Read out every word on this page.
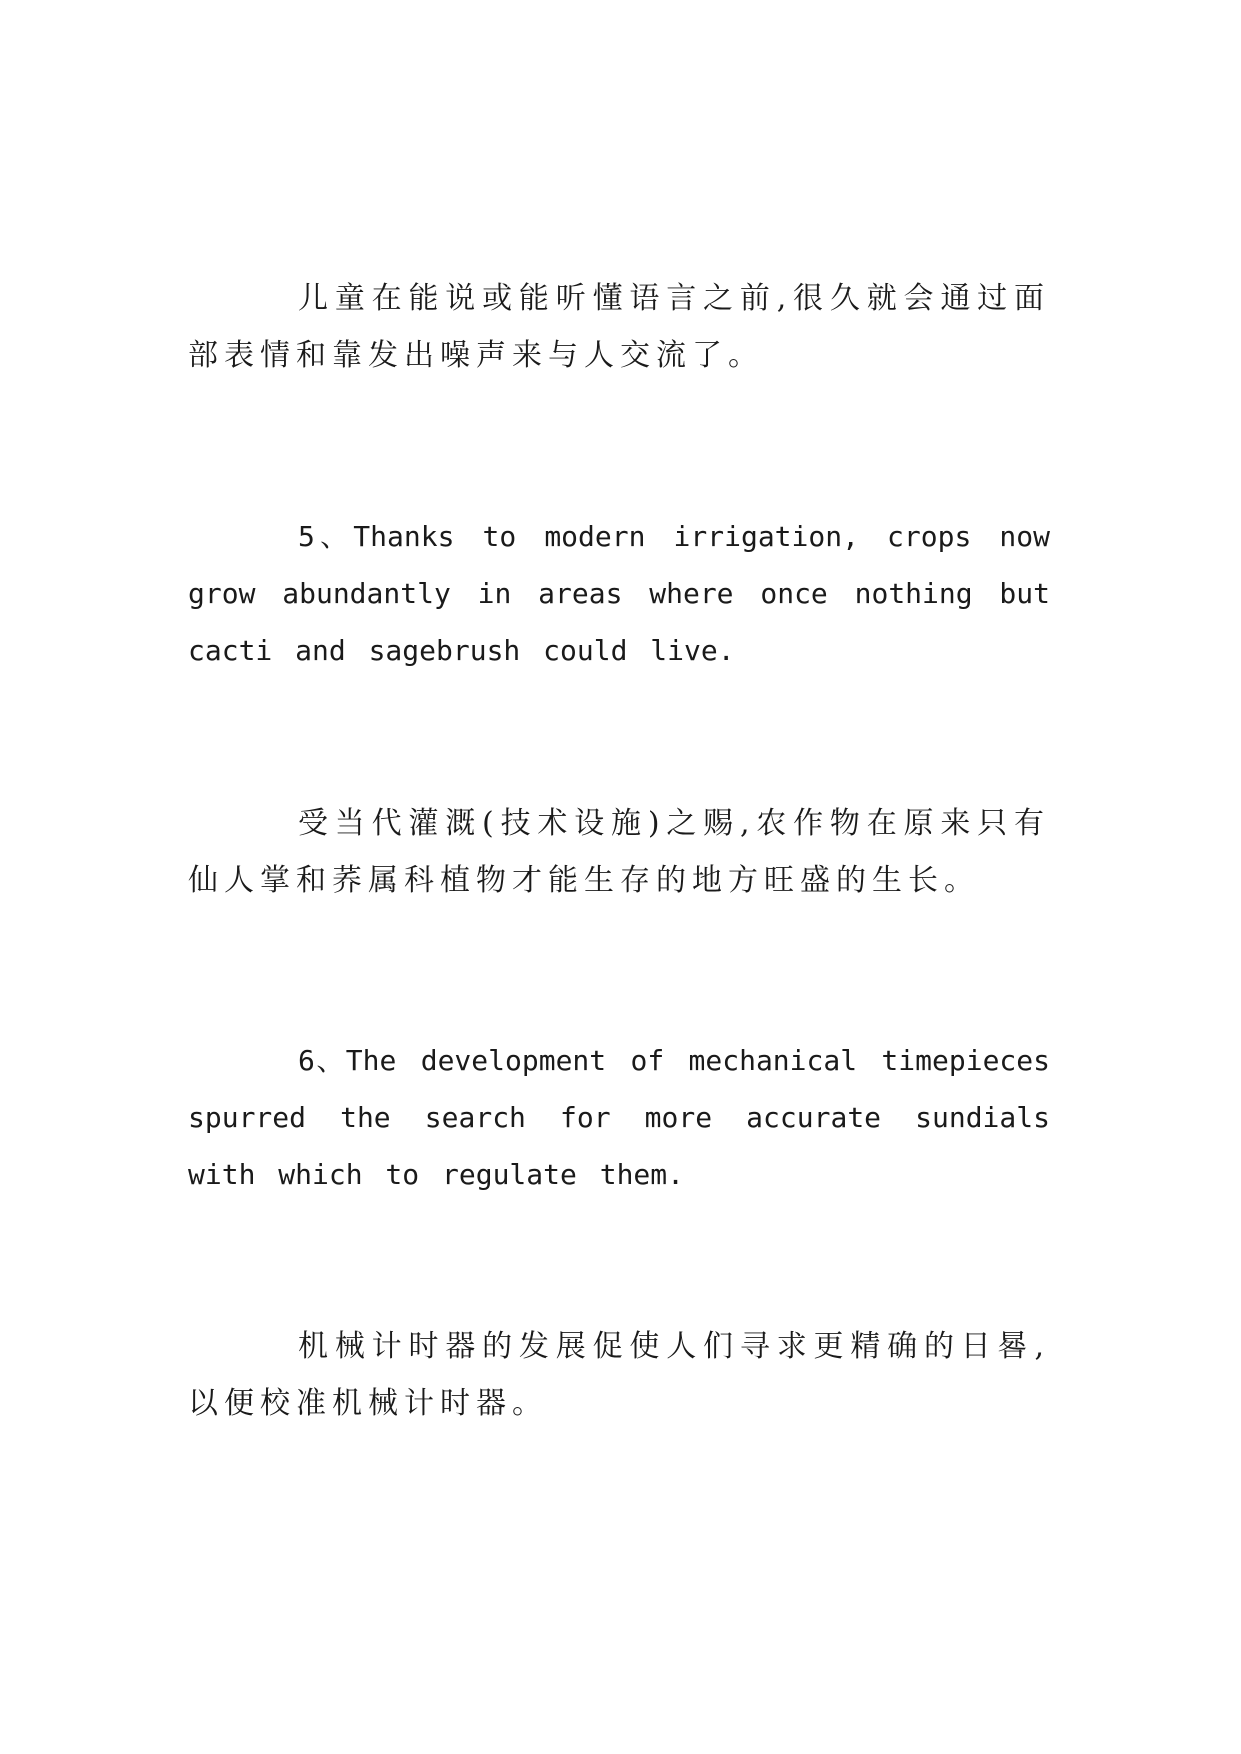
儿童在能说或能听懂语言之前,很久就会通过面部表情和靠发出噪声来与人交流了。

5、Thanks to modern irrigation, crops now grow abundantly in areas where once nothing but cacti and sagebrush could live.

受当代灌溉(技术设施)之赐,农作物在原来只有仙人掌和荞属科植物才能生存的地方旺盛的生长。

6、The development of mechanical timepieces spurred the search for more accurate sundials with which to regulate them.

机械计时器的发展促使人们寻求更精确的日晷,以便校准机械计时器。
